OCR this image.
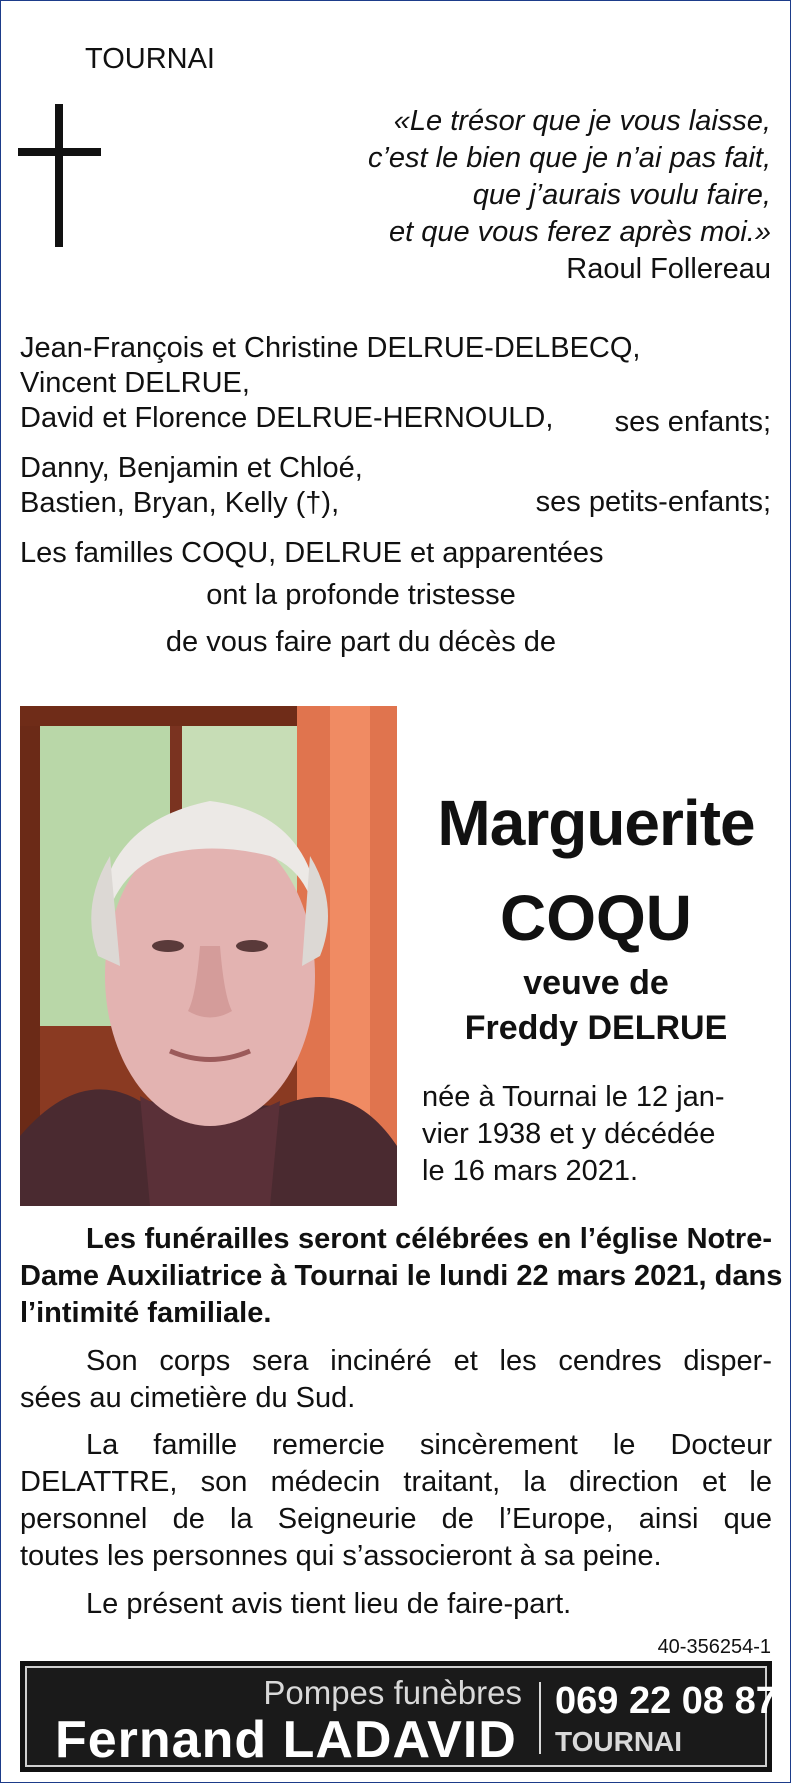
TOURNAI
«Le trésor que je vous laisse,
c’est le bien que je n’ai pas fait,
que j’aurais voulu faire,
et que vous ferez après moi.»
Raoul Follereau
Jean-François et Christine DELRUE-DELBECQ,
Vincent DELRUE,
David et Florence DELRUE-HERNOULD,	ses enfants;
Danny, Benjamin et Chloé,
Bastien, Bryan, Kelly (†),	ses petits-enfants;
Les familles COQU, DELRUE et apparentées
ont la profonde tristesse
de vous faire part du décès de
Marguerite
COQU
veuve de
Freddy DELRUE
née à Tournai le 12 jan-
vier 1938 et y décédée
le 16 mars 2021.
Les funérailles seront célébrées en l’église Notre-
Dame Auxiliatrice à Tournai le lundi 22 mars 2021, dans
l’intimité familiale.
Son corps sera incinéré et les cendres disper-
sées au cimetière du Sud.
La famille remercie sincèrement le Docteur
DELATTRE, son médecin traitant, la direction et le
personnel de la Seigneurie de l’Europe, ainsi que
toutes les personnes qui s’associeront à sa peine.
Le présent avis tient lieu de faire-part.
40-356254-1
Pompes funèbres
Fernand LADAVID
069 22 08 87
TOURNAI
